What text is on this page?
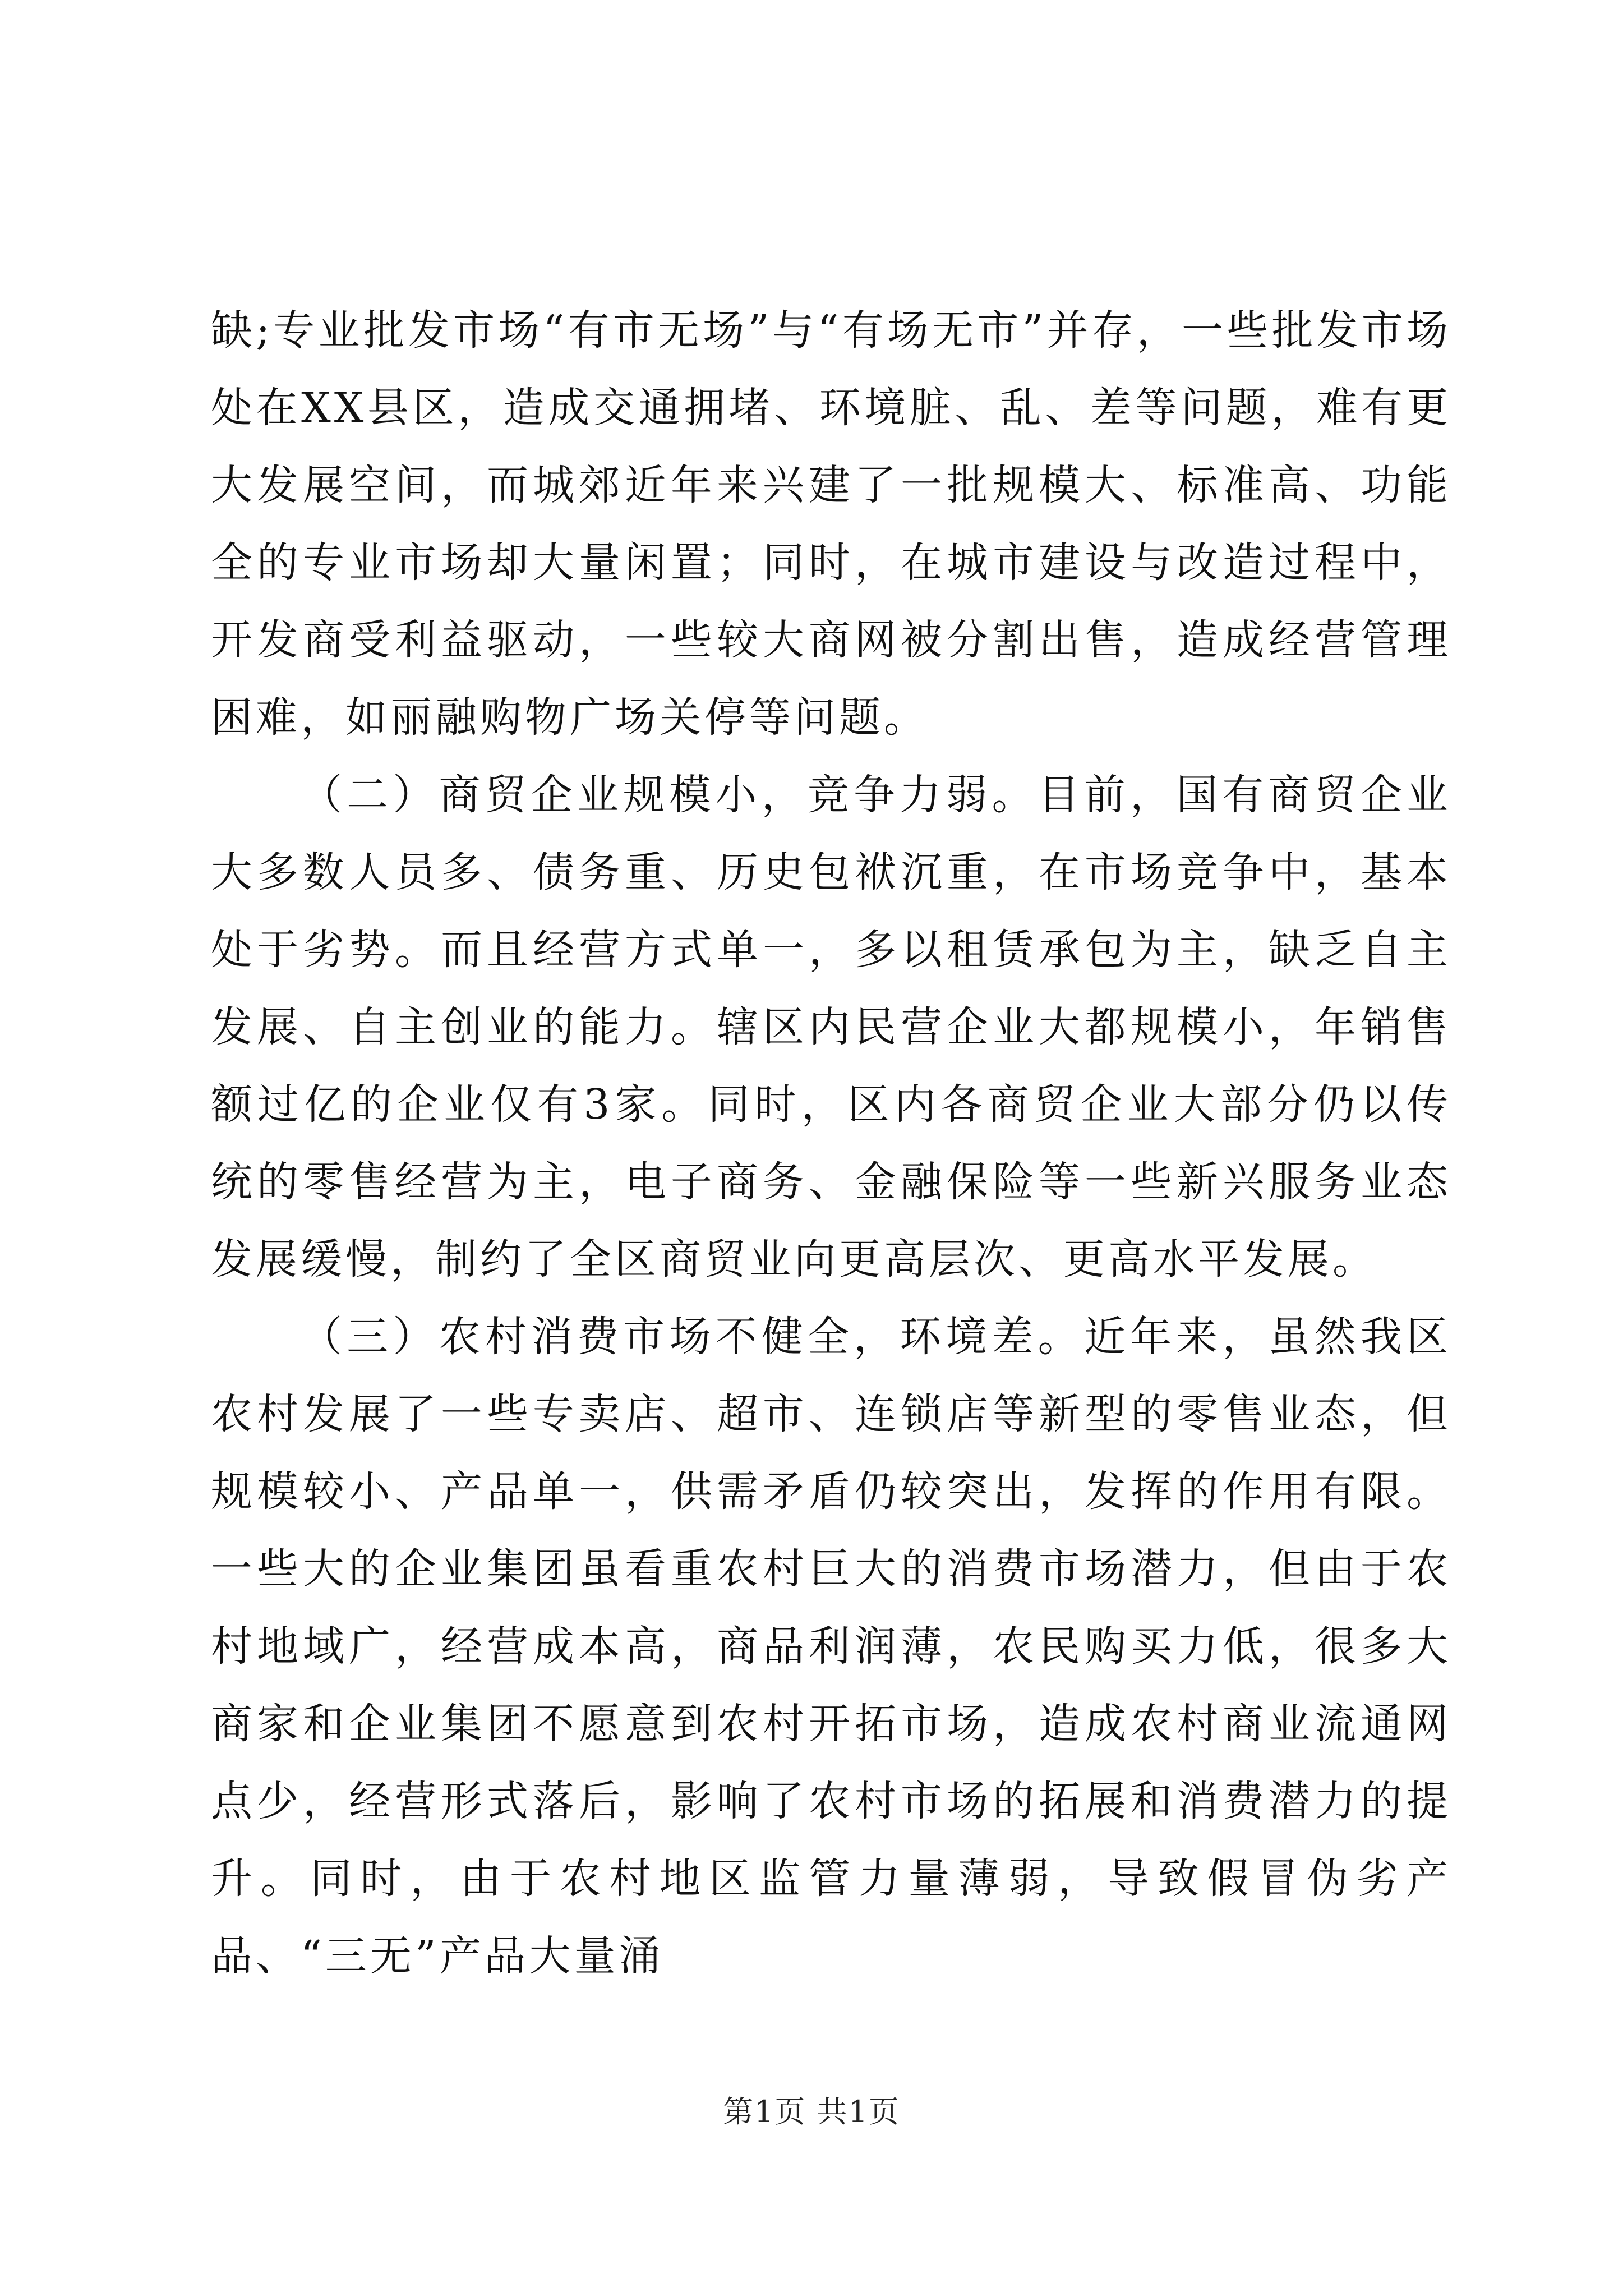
缺;专业批发市场“有市无场”与“有场无市”并存，一些批发市场处在XX县区，造成交通拥堵、环境脏、乱、差等问题，难有更大发展空间，而城郊近年来兴建了一批规模大、标准高、功能全的专业市场却大量闲置；同时，在城市建设与改造过程中，开发商受利益驱动，一些较大商网被分割出售，造成经营管理困难，如丽融购物广场关停等问题。

（二）商贸企业规模小，竞争力弱。目前，国有商贸企业大多数人员多、债务重、历史包袱沉重，在市场竞争中，基本处于劣势。而且经营方式单一，多以租赁承包为主，缺乏自主发展、自主创业的能力。辖区内民营企业大都规模小，年销售额过亿的企业仅有3家。同时，区内各商贸企业大部分仍以传统的零售经营为主，电子商务、金融保险等一些新兴服务业态发展缓慢，制约了全区商贸业向更高层次、更高水平发展。

（三）农村消费市场不健全，环境差。近年来，虽然我区农村发展了一些专卖店、超市、连锁店等新型的零售业态，但规模较小、产品单一，供需矛盾仍较突出，发挥的作用有限。一些大的企业集团虽看重农村巨大的消费市场潜力，但由于农村地域广，经营成本高，商品利润薄，农民购买力低，很多大商家和企业集团不愿意到农村开拓市场，造成农村商业流通网点少，经营形式落后，影响了农村市场的拓展和消费潜力的提升。同时，由于农村地区监管力量薄弱，导致假冒伪劣产品、“三无”产品大量涌

第1页 共1页
